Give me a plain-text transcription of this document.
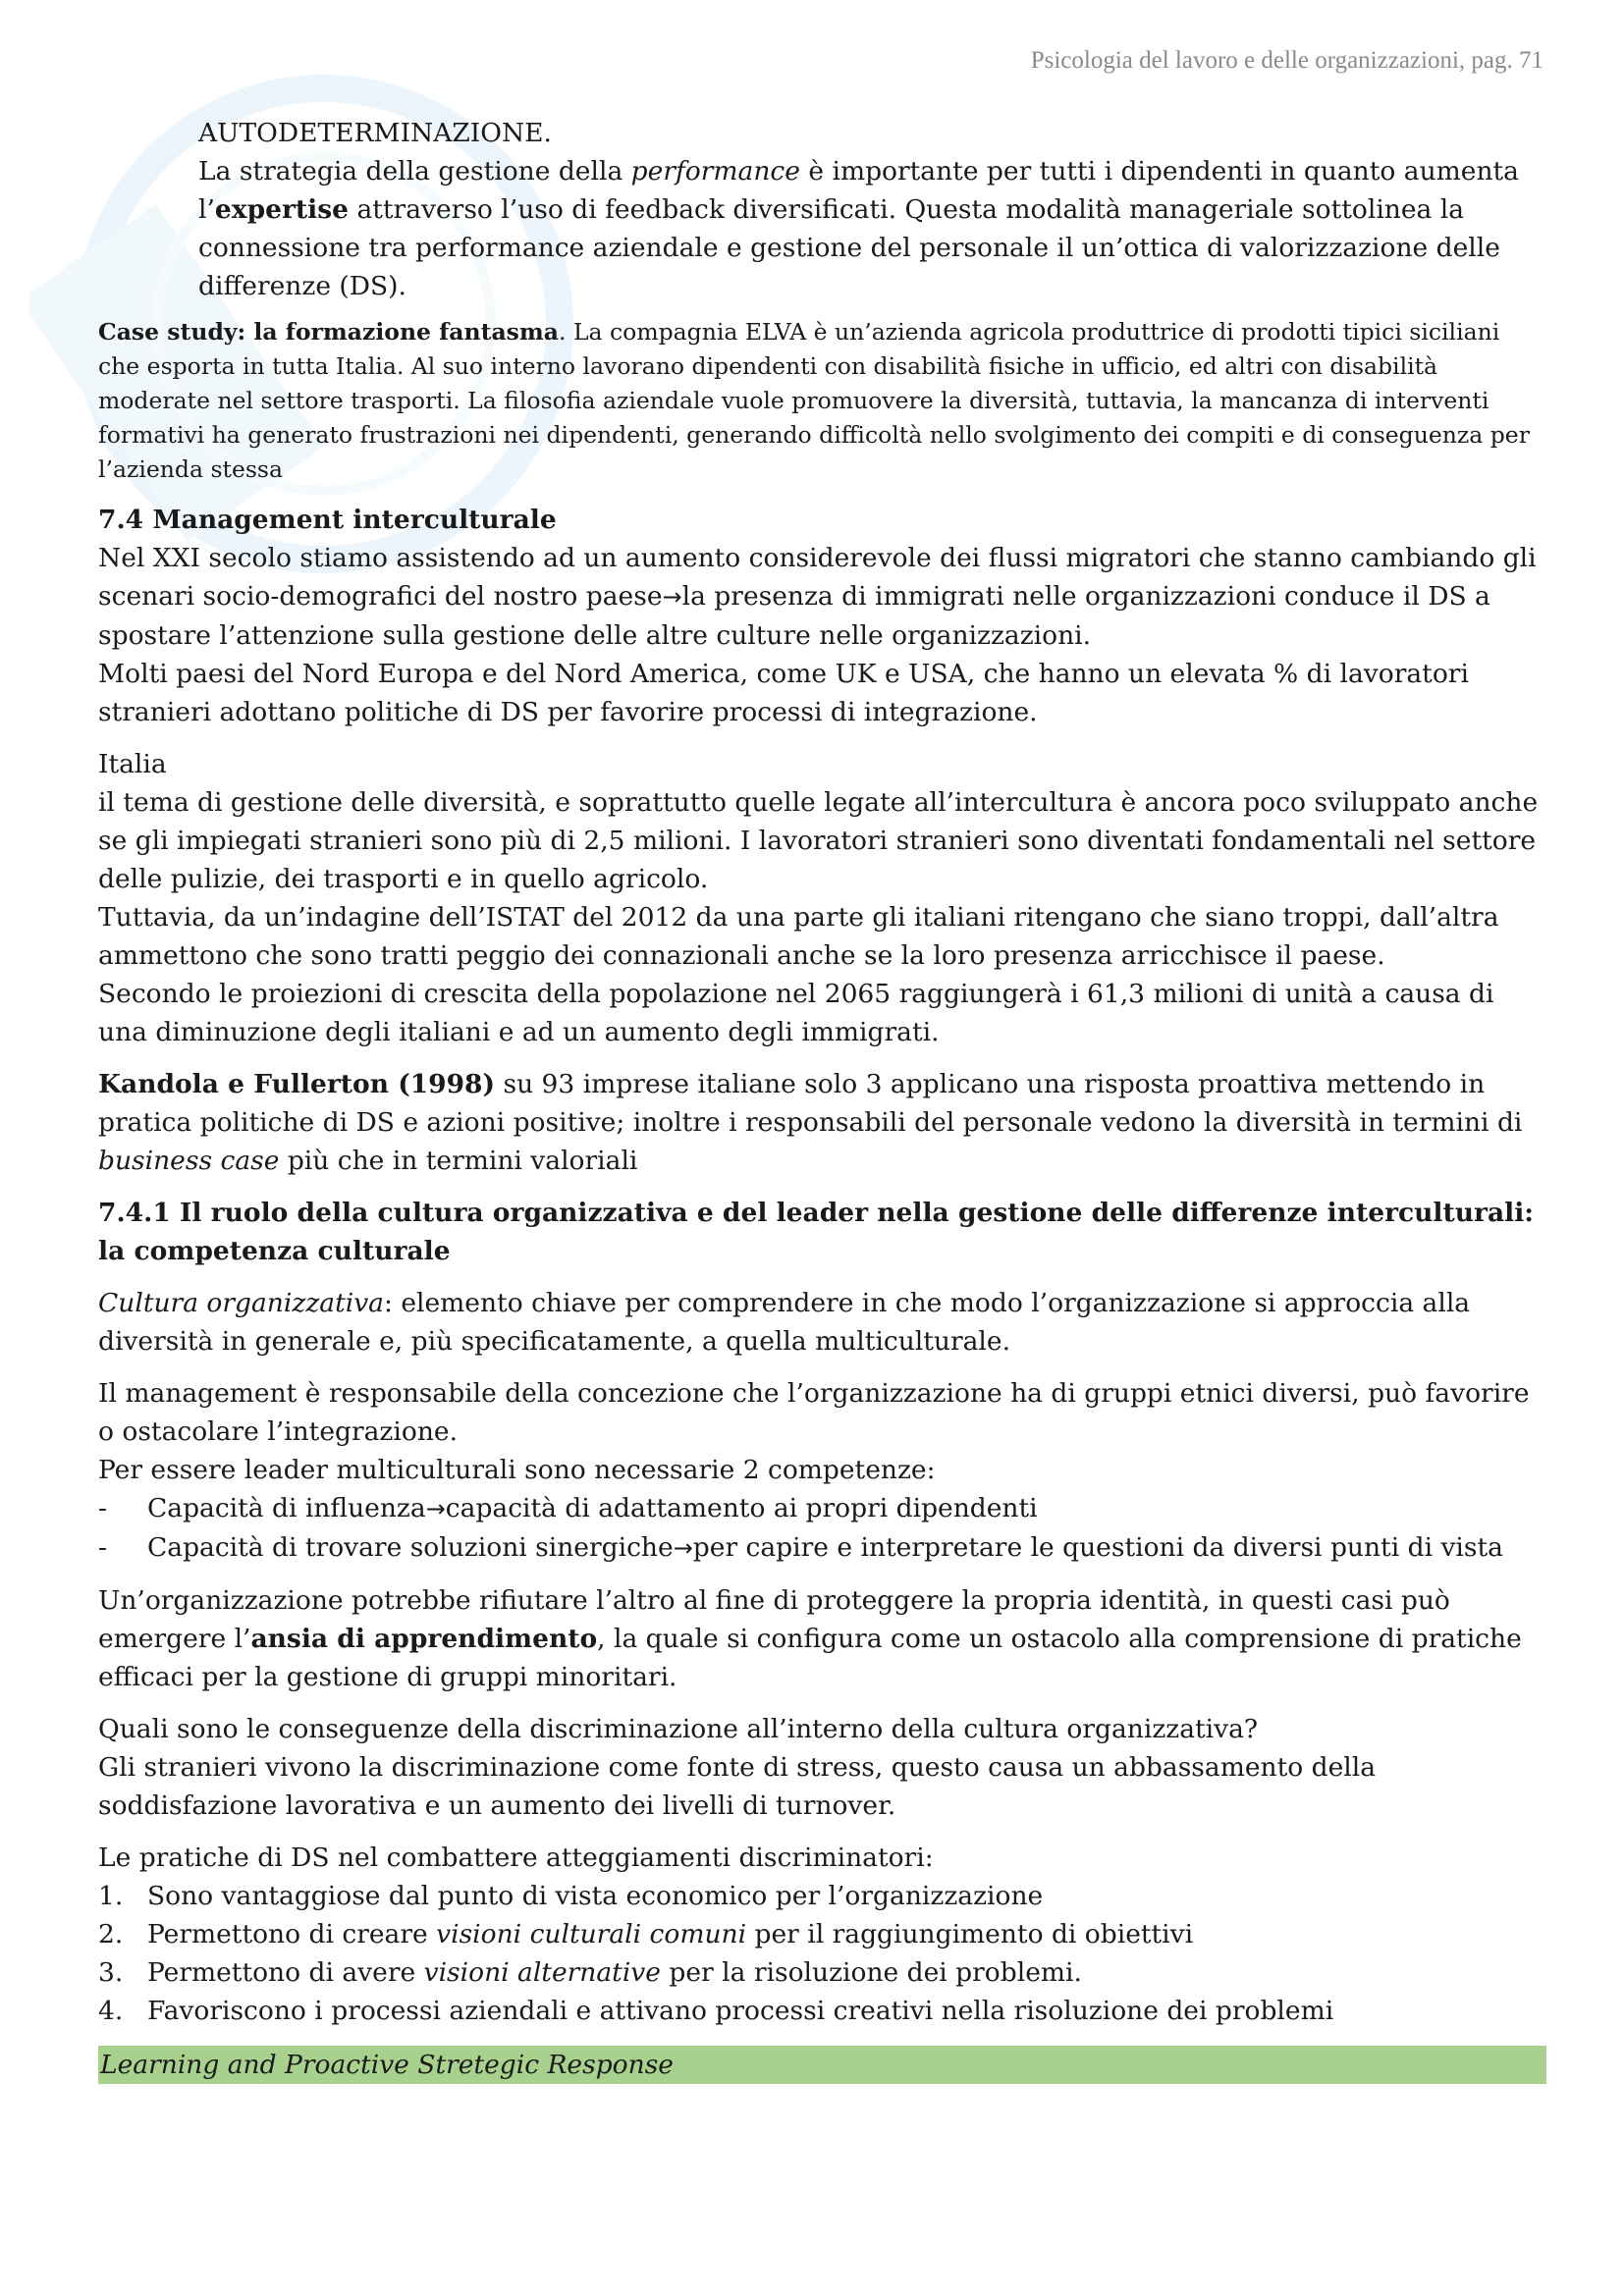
Psicologia del lavoro e delle organizzazioni, pag. 71

AUTODETERMINAZIONE.

La strategia della gestione della performance è importante per tutti i dipendenti in quanto aumenta l’expertise attraverso l’uso di feedback diversificati. Questa modalità manageriale sottolinea la connessione tra performance aziendale e gestione del personale il un’ottica di valorizzazione delle differenze (DS).

Case study: la formazione fantasma. La compagnia ELVA è un’azienda agricola produttrice di prodotti tipici siciliani che esporta in tutta Italia. Al suo interno lavorano dipendenti con disabilità fisiche in ufficio, ed altri con disabilità moderate nel settore trasporti. La filosofia aziendale vuole promuovere la diversità, tuttavia, la mancanza di interventi formativi ha generato frustrazioni nei dipendenti, generando difficoltà nello svolgimento dei compiti e di conseguenza per l’azienda stessa

7.4 Management interculturale

Nel XXI secolo stiamo assistendo ad un aumento considerevole dei flussi migratori che stanno cambiando gli scenari socio-demografici del nostro paese→la presenza di immigrati nelle organizzazioni conduce il DS a spostare l’attenzione sulla gestione delle altre culture nelle organizzazioni.

Molti paesi del Nord Europa e del Nord America, come UK e USA, che hanno un elevata % di lavoratori stranieri adottano politiche di DS per favorire processi di integrazione.

Italia

il tema di gestione delle diversità, e soprattutto quelle legate all’intercultura è ancora poco sviluppato anche se gli impiegati stranieri sono più di 2,5 milioni. I lavoratori stranieri sono diventati fondamentali nel settore delle pulizie, dei trasporti e in quello agricolo.

Tuttavia, da un’indagine dell’ISTAT del 2012 da una parte gli italiani ritengano che siano troppi, dall’altra ammettono che sono tratti peggio dei connazionali anche se la loro presenza arricchisce il paese.

Secondo le proiezioni di crescita della popolazione nel 2065 raggiungerà i 61,3 milioni di unità a causa di una diminuzione degli italiani e ad un aumento degli immigrati.

Kandola e Fullerton (1998) su 93 imprese italiane solo 3 applicano una risposta proattiva mettendo in pratica politiche di DS e azioni positive; inoltre i responsabili del personale vedono la diversità in termini di business case più che in termini valoriali

7.4.1 Il ruolo della cultura organizzativa e del leader nella gestione delle differenze interculturali: la competenza culturale

Cultura organizzativa: elemento chiave per comprendere in che modo l’organizzazione si approccia alla diversità in generale e, più specificatamente, a quella multiculturale.

Il management è responsabile della concezione che l’organizzazione ha di gruppi etnici diversi, può favorire o ostacolare l’integrazione.

Per essere leader multiculturali sono necessarie 2 competenze:

- Capacità di influenza→capacità di adattamento ai propri dipendenti
- Capacità di trovare soluzioni sinergiche→per capire e interpretare le questioni da diversi punti di vista

Un’organizzazione potrebbe rifiutare l’altro al fine di proteggere la propria identità, in questi casi può emergere l’ansia di apprendimento, la quale si configura come un ostacolo alla comprensione di pratiche efficaci per la gestione di gruppi minoritari.

Quali sono le conseguenze della discriminazione all’interno della cultura organizzativa?

Gli stranieri vivono la discriminazione come fonte di stress, questo causa un abbassamento della soddisfazione lavorativa e un aumento dei livelli di turnover.

Le pratiche di DS nel combattere atteggiamenti discriminatori:

1. Sono vantaggiose dal punto di vista economico per l’organizzazione
2. Permettono di creare visioni culturali comuni per il raggiungimento di obiettivi
3. Permettono di avere visioni alternative per la risoluzione dei problemi.
4. Favoriscono i processi aziendali e attivano processi creativi nella risoluzione dei problemi

Learning and Proactive Stretegic Response
